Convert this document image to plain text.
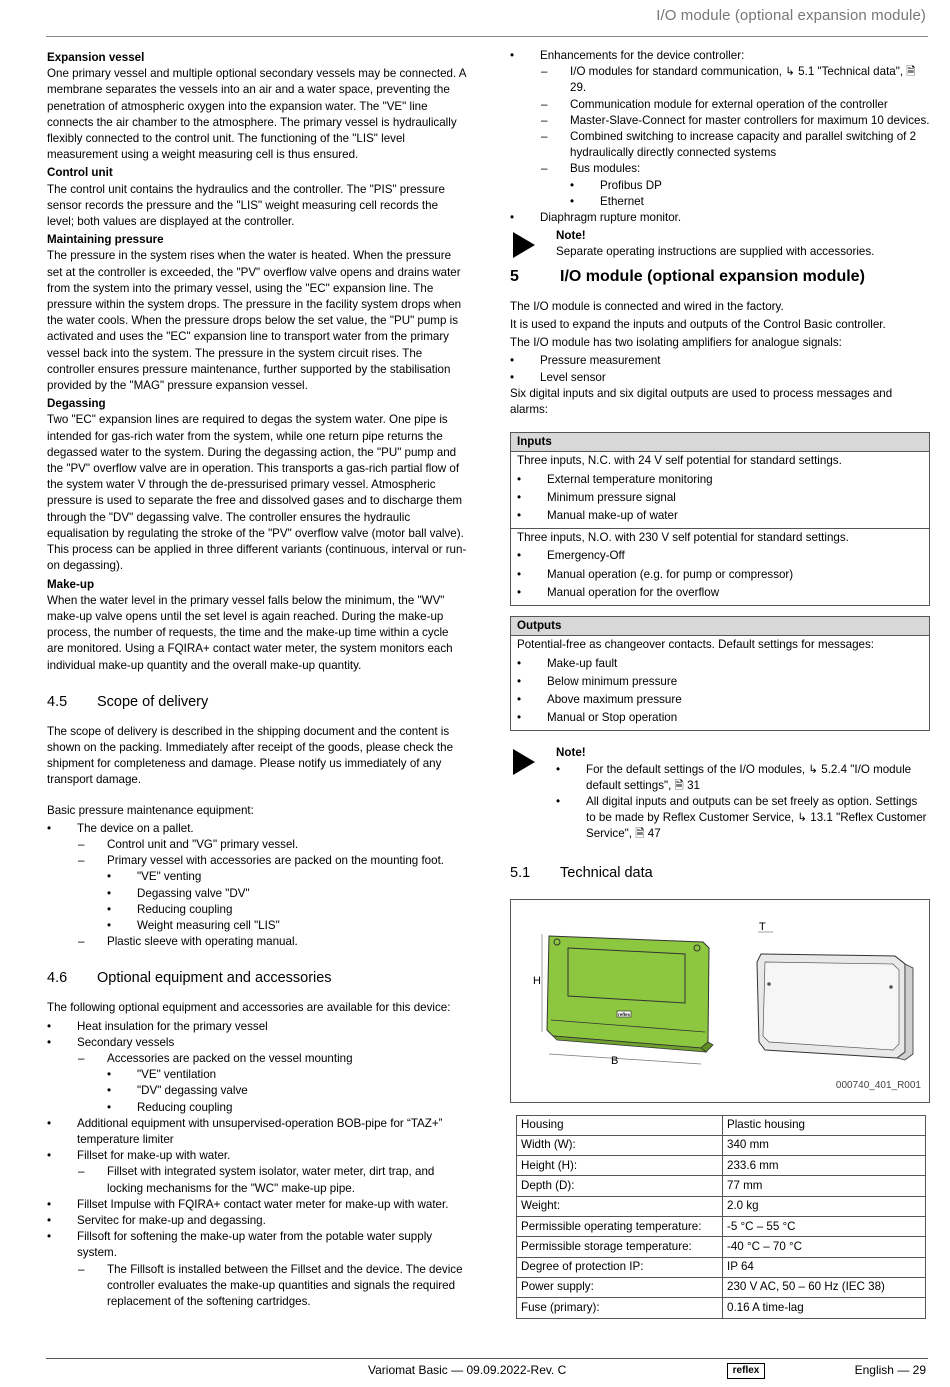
I/O module (optional expansion module)
Expansion vessel

One primary vessel and multiple optional secondary vessels may be connected. A membrane separates the vessels into an air and a water space, preventing the penetration of atmospheric oxygen into the expansion water. The "VE" line connects the air chamber to the atmosphere. The primary vessel is hydraulically flexibly connected to the control unit. The functioning of the "LIS" level measurement using a weight measuring cell is thus ensured.

Control unit

The control unit contains the hydraulics and the controller. The "PIS" pressure sensor records the pressure and the "LIS" weight measuring cell records the level; both values are displayed at the controller.

Maintaining pressure

The pressure in the system rises when the water is heated. When the pressure set at the controller is exceeded, the "PV" overflow valve opens and drains water from the system into the primary vessel, using the "EC" expansion line. The pressure within the system drops. The pressure in the facility system drops when the water cools. When the pressure drops below the set value, the "PU" pump is activated and uses the "EC" expansion line to transport water from the primary vessel back into the system. The pressure in the system circuit rises. The controller ensures pressure maintenance, further supported by the stabilisation provided by the "MAG" pressure expansion vessel.

Degassing

Two "EC" expansion lines are required to degas the system water. One pipe is intended for gas-rich water from the system, while one return pipe returns the degassed water to the system. During the degassing action, the "PU" pump and the "PV" overflow valve are in operation. This transports a gas-rich partial flow of the system water V through the de-pressurised primary vessel. Atmospheric pressure is used to separate the free and dissolved gases and to discharge them through the "DV" degassing valve. The controller ensures the hydraulic equalisation by regulating the stroke of the "PV" overflow valve (motor ball valve). This process can be applied in three different variants (continuous, interval or run-on degassing).

Make-up

When the water level in the primary vessel falls below the minimum, the "WV" make-up valve opens until the set level is again reached. During the make-up process, the number of requests, the time and the make-up time within a cycle are monitored. Using a FQIRA+ contact water meter, the system monitors each individual make-up quantity and the overall make-up quantity.

4.5 Scope of delivery

The scope of delivery is described in the shipping document and the content is shown on the packing. Immediately after receipt of the goods, please check the shipment for completeness and damage. Please notify us immediately of any transport damage.

Basic pressure maintenance equipment:

• The device on a pallet.
– Control unit and "VG" primary vessel.
– Primary vessel with accessories are packed on the mounting foot.
• "VE" venting
• Degassing valve "DV"
• Reducing coupling
• Weight measuring cell "LIS"
– Plastic sleeve with operating manual.
4.6 Optional equipment and accessories

The following optional equipment and accessories are available for this device:

• Heat insulation for the primary vessel
• Secondary vessels
– Accessories are packed on the vessel mounting
• "VE" ventilation
• "DV" degassing valve
• Reducing coupling
• Additional equipment with unsupervised-operation BOB-pipe for “TAZ+” temperature limiter
• Fillset for make-up with water.
– Fillset with integrated system isolator, water meter, dirt trap, and locking mechanisms for the "WC" make-up pipe.
• Fillset Impulse with FQIRA+ contact water meter for make-up with water.
• Servitec for make-up and degassing.
• Fillsoft for softening the make-up water from the potable water supply system.
– The Fillsoft is installed between the Fillset and the device. The device controller evaluates the make-up quantities and signals the required replacement of the softening cartridges.
• Enhancements for the device controller:
– I/O modules for standard communication, ↳ 5.1 "Technical data", 🗎 29.
– Communication module for external operation of the controller
– Master-Slave-Connect for master controllers for maximum 10 devices.
– Combined switching to increase capacity and parallel switching of 2 hydraulically directly connected systems
– Bus modules:
• Profibus DP
• Ethernet
• Diaphragm rupture monitor.
Note!
Separate operating instructions are supplied with accessories.
5	I/O module (optional expansion module)

The I/O module is connected and wired in the factory.

It is used to expand the inputs and outputs of the Control Basic controller.

The I/O module has two isolating amplifiers for analogue signals:

• Pressure measurement
• Level sensor

Six digital inputs and six digital outputs are used to process messages and alarms:

Inputs
Three inputs, N.C. with 24 V self potential for standard settings.
• External temperature monitoring
• Minimum pressure signal
• Manual make-up of water
Three inputs, N.O. with 230 V self potential for standard settings.
• Emergency-Off
• Manual operation (e.g. for pump or compressor)
• Manual operation for the overflow
Outputs
Potential-free as changeover contacts. Default settings for messages:
• Make-up fault
• Below minimum pressure
• Above maximum pressure
• Manual or Stop operation
Note!
• For the default settings of the I/O modules, ↳ 5.2.4 "I/O module default settings", 🗎 31
• All digital inputs and outputs can be set freely as option. Settings to be made by Reflex Customer Service, ↳ 13.1 "Reflex Customer Service", 🗎 47
5.1 Technical data
reflex
H
B
T
000740_401_R001
Housing	Plastic housing
Width (W):	340 mm
Height (H):	233.6 mm
Depth (D):	77 mm
Weight:	2.0 kg
Permissible operating temperature:	-5 °C – 55 °C
Permissible storage temperature:	-40 °C – 70 °C
Degree of protection IP:	IP 64
Power supply:	230 V AC, 50 – 60 Hz (IEC 38)
Fuse (primary):	0.16 A time-lag
Variomat Basic — 09.09.2022-Rev. C	reflex	English — 29
